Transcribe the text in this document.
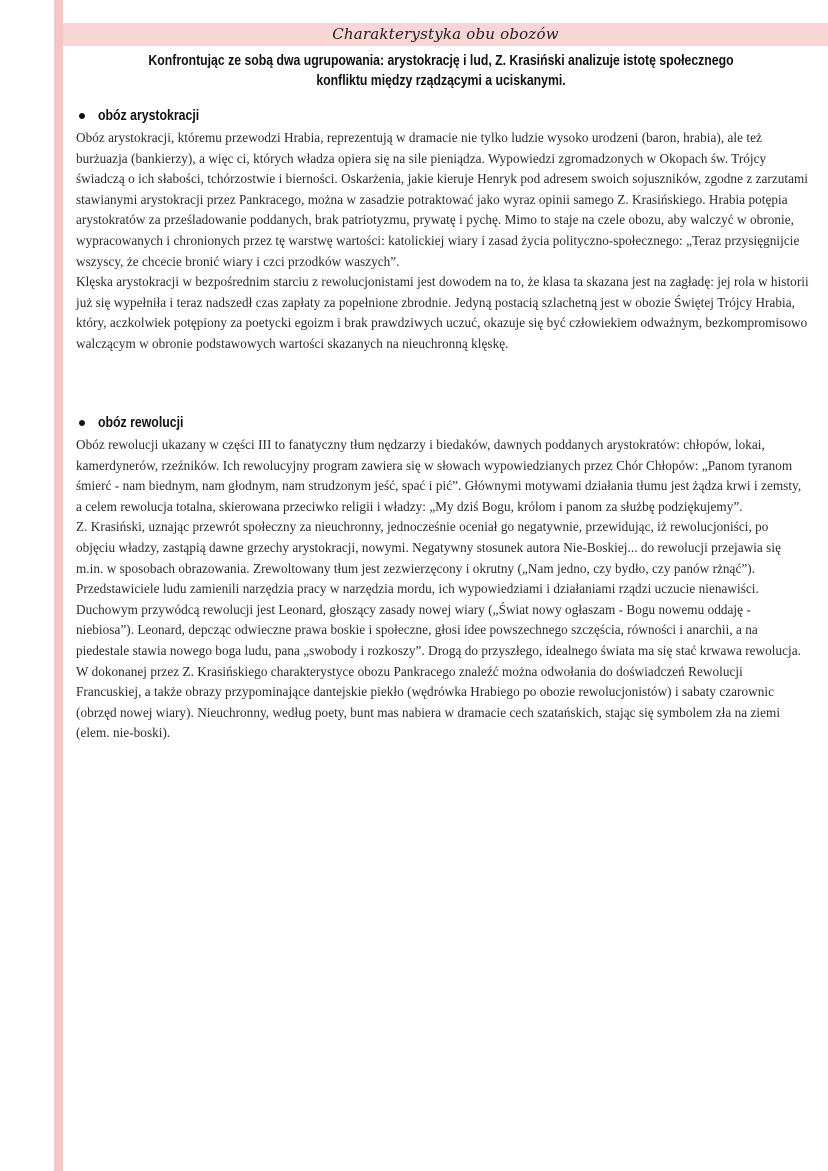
Charakterystyka obu obozów
Konfrontując ze sobą dwa ugrupowania: arystokrację i lud, Z. Krasiński analizuje istotę społecznego konfliktu między rządzącymi a uciskanymi.
obóz arystokracji

Obóz arystokracji, któremu przewodzi Hrabia, reprezentują w dramacie nie tylko ludzie wysoko urodzeni (baron, hrabia), ale też burżuazja (bankierzy), a więc ci, których władza opiera się na sile pieniądza. Wypowiedzi zgromadzonych w Okopach św. Trójcy świadczą o ich słabości, tchórzostwie i bierności. Oskarżenia, jakie kieruje Henryk pod adresem swoich sojuszników, zgodne z zarzutami stawianymi arystokracji przez Pankracego, można w zasadzie potraktować jako wyraz opinii samego Z. Krasińskiego. Hrabia potępia arystokratów za prześladowanie poddanych, brak patriotyzmu, prywatę i pychę. Mimo to staje na czele obozu, aby walczyć w obronie, wypracowanych i chronionych przez tę warstwę wartości: katolickiej wiary i zasad życia polityczno-społecznego: „Teraz przysięgnijcie wszyscy, że chcecie bronić wiary i czci przodków waszych”.

Klęska arystokracji w bezpośrednim starciu z rewolucjonistami jest dowodem na to, że klasa ta skazana jest na zagładę: jej rola w historii już się wypełniła i teraz nadszedł czas zapłaty za popełnione zbrodnie. Jedyną postacią szlachetną jest w obozie Świętej Trójcy Hrabia, który, aczkolwiek potępiony za poetycki egoizm i brak prawdziwych uczuć, okazuje się być człowiekiem odważnym, bezkompromisowo walczącym w obronie podstawowych wartości skazanych na nieuchronną klęskę.

obóz rewolucji

Obóz rewolucji ukazany w części III to fanatyczny tłum nędzarzy i biedaków, dawnych poddanych arystokratów: chłopów, lokai, kamerdynerów, rzeźników. Ich rewolucyjny program zawiera się w słowach wypowiedzianych przez Chór Chłopów: „Panom tyranom śmierć - nam biednym, nam głodnym, nam strudzonym jeść, spać i pić”. Głównymi motywami działania tłumu jest żądza krwi i zemsty, a celem rewolucja totalna, skierowana przeciwko religii i władzy: „My dziś Bogu, królom i panom za służbę podziękujemy”.

Z. Krasiński, uznając przewrót społeczny za nieuchronny, jednocześnie oceniał go negatywnie, przewidując, iż rewolucjoniści, po objęciu władzy, zastąpią dawne grzechy arystokracji, nowymi. Negatywny stosunek autora Nie-Boskiej... do rewolucji przejawia się m.in. w sposobach obrazowania. Zrewoltowany tłum jest zezwierzęcony i okrutny („Nam jedno, czy bydło, czy panów rżnąć”). Przedstawiciele ludu zamienili narzędzia pracy w narzędzia mordu, ich wypowiedziami i działaniami rządzi uczucie nienawiści. Duchowym przywódcą rewolucji jest Leonard, głoszący zasady nowej wiary („Świat nowy ogłaszam - Bogu nowemu oddaję - niebiosa”). Leonard, depcząc odwieczne prawa boskie i społeczne, głosi idee powszechnego szczęścia, równości i anarchii, a na piedestale stawia nowego boga ludu, pana „swobody i rozkoszy”. Drogą do przyszłego, idealnego świata ma się stać krwawa rewolucja.

W dokonanej przez Z. Krasińskiego charakterystyce obozu Pankracego znaleźć można odwołania do doświadczeń Rewolucji Francuskiej, a także obrazy przypominające dantejskie piekło (wędrówka Hrabiego po obozie rewolucjonistów) i sabaty czarownic (obrzęd nowej wiary). Nieuchronny, według poety, bunt mas nabiera w dramacie cech szatańskich, stając się symbolem zła na ziemi (elem. nie-boski).
